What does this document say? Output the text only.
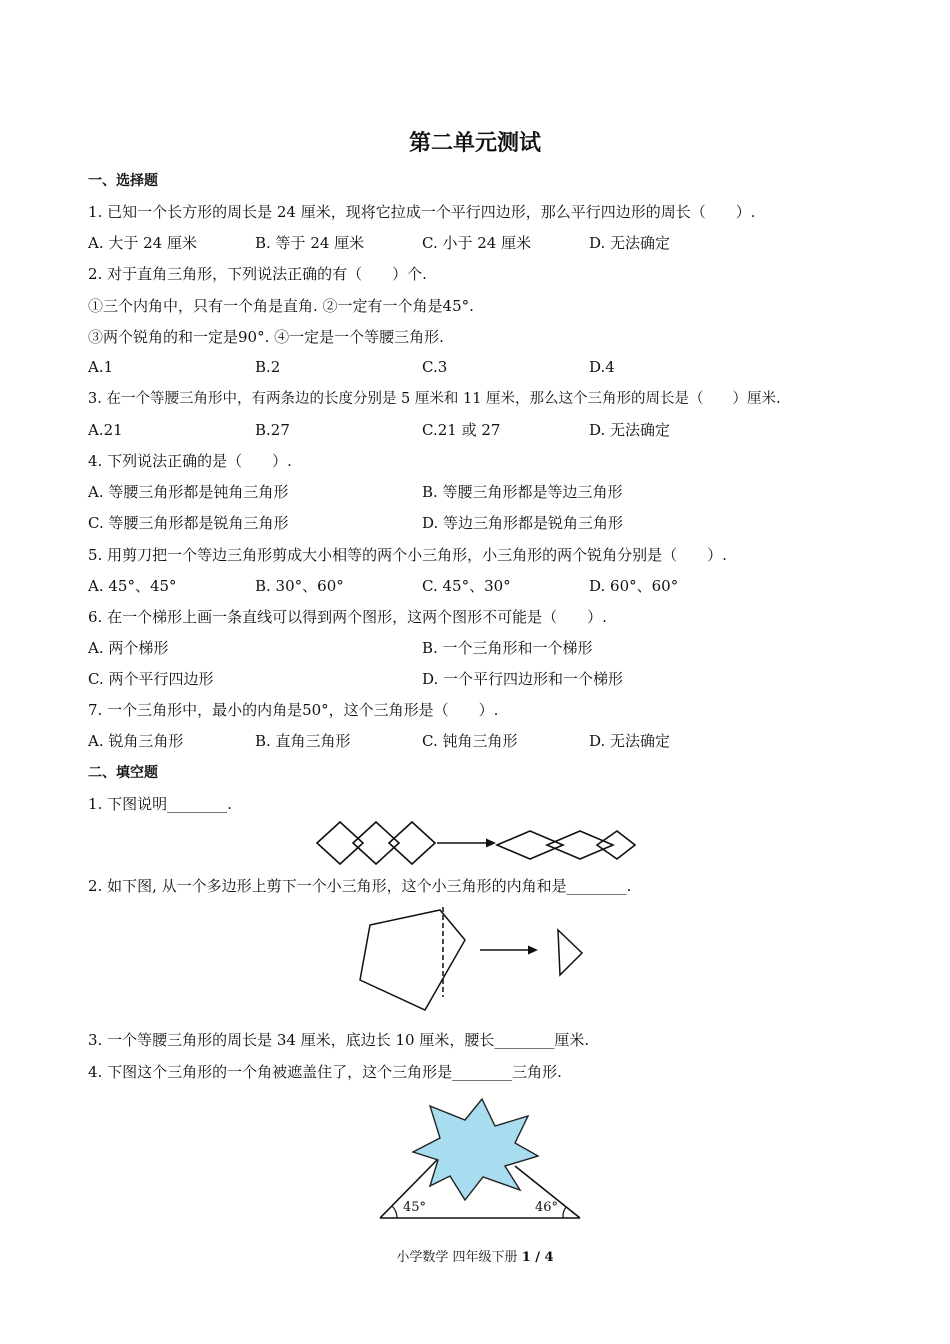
第二单元测试
一、选择题
1. 已知一个长方形的周长是 24 厘米，现将它拉成一个平行四边形，那么平行四边形的周长（　　）.
A. 大于 24 厘米	B. 等于 24 厘米	C. 小于 24 厘米	D. 无法确定
2. 对于直角三角形，下列说法正确的有（　　）个.
①三个内角中，只有一个角是直角. ②一定有一个角是45°.
③两个锐角的和一定是90°. ④一定是一个等腰三角形.
A.1	B.2	C.3	D.4
3. 在一个等腰三角形中，有两条边的长度分别是 5 厘米和 11 厘米，那么这个三角形的周长是（　　）厘米.
A.21	B.27	C.21 或 27	D. 无法确定
4. 下列说法正确的是（　　）.
A. 等腰三角形都是钝角三角形	B. 等腰三角形都是等边三角形
C. 等腰三角形都是锐角三角形	D. 等边三角形都是锐角三角形
5. 用剪刀把一个等边三角形剪成大小相等的两个小三角形，小三角形的两个锐角分别是（　　）.
A. 45°、45°	B. 30°、60°	C. 45°、30°	D. 60°、60°
6. 在一个梯形上画一条直线可以得到两个图形，这两个图形不可能是（　　）.
A. 两个梯形	B. 一个三角形和一个梯形
C. 两个平行四边形	D. 一个平行四边形和一个梯形
7. 一个三角形中，最小的内角是50°，这个三角形是（　　）.
A. 锐角三角形	B. 直角三角形	C. 钝角三角形	D. 无法确定
二、填空题
1. 下图说明________.
2. 如下图, 从一个多边形上剪下一个小三角形，这个小三角形的内角和是________.
3. 一个等腰三角形的周长是 34 厘米，底边长 10 厘米，腰长________厘米.
4. 下图这个三角形的一个角被遮盖住了，这个三角形是________三角形.
45°	46°
小学数学 四年级下册 1 / 4
